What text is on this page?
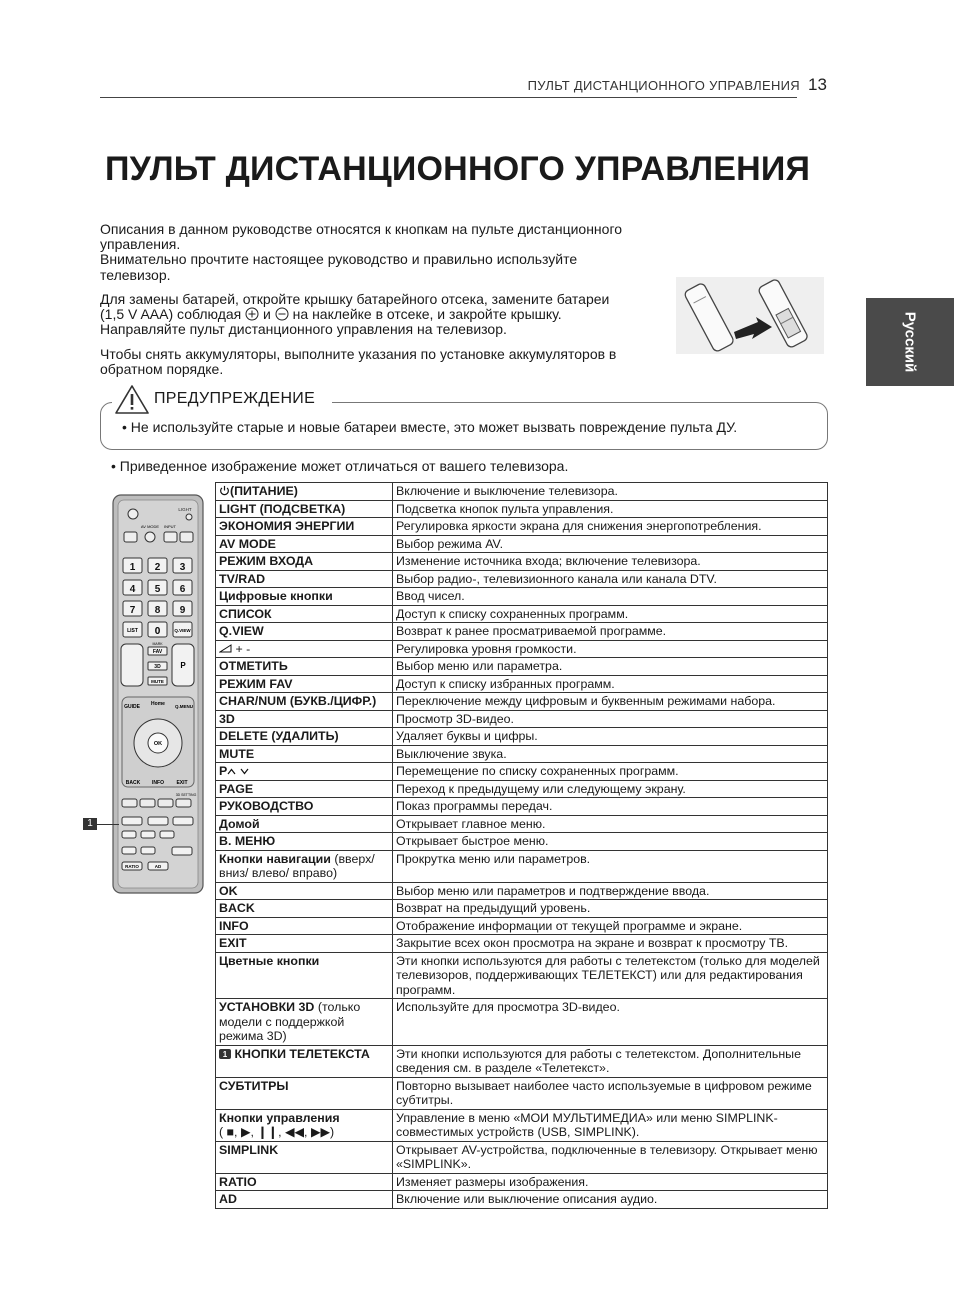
ПУЛЬТ ДИСТАНЦИОННОГО УПРАВЛЕНИЯ 13
Русский
ПУЛЬТ ДИСТАНЦИОННОГО УПРАВЛЕНИЯ
Описания в данном руководстве относятся к кнопкам на пульте дистанционного
управления.
Внимательно прочтите настоящее руководство и правильно используйте
телевизор.
Для замены батарей, откройте крышку батарейного отсека, замените батареи
(1,5 V AAA) соблюдая  и  на наклейке в отсеке, и закройте крышку.
Направляйте пульт дистанционного управления на телевизор.
Чтобы снять аккумуляторы, выполните указания по установке аккумуляторов в
обратном порядке.
ПРЕДУПРЕЖДЕНИЕ
• Не используйте старые и новые батареи вместе, это может вызвать повреждение пульта ДУ.
• Приведенное изображение может отличаться от вашего телевизора.
LIGHT
AV MODE INPUT
1 2 3
4 5 6
7 8 9
LIST 0	Q.VIEW
P
MARK
FAV
3D
MUTE
GUIDE Home Q.MENU
OK
BACK INFO EXIT
3D SETTING
RATIO	AD
1
(ПИТАНИЕ)	Включение и выключение телевизора.
LIGHT (ПОДСВЕТКА)	Подсветка кнопок пульта управления.
ЭКОНОМИЯ ЭНЕРГИИ	Регулировка яркости экрана для снижения энергопотребления.
AV MODE	Выбор режима AV.
РЕЖИМ ВХОДА	Изменение источника входа; включение телевизора.
TV/RAD	Выбор радио-, телевизионного канала или канала DTV.
Цифровые кнопки	Ввод чисел.
СПИСОК	Доступ к списку сохраненных программ.
Q.VIEW	Возврат к ранее просматриваемой программе.
+ -	Регулировка уровня громкости.
ОТМЕТИТЬ	Выбор меню или параметра.
РЕЖИМ FAV	Доступ к списку избранных программ.
CHAR/NUM (БУКВ./ЦИФР.)	Переключение между цифровым и буквенным режимами набора.
3D	Просмотр 3D-видео.
DELETE (УДАЛИТЬ)	Удаляет буквы и цифры.
MUTE	Выключение звука.
P	Перемещение по списку сохраненных программ.
PAGE	Переход к предыдущему или следующему экрану.
РУКОВОДСТВО	Показ программы передач.
Домой	Открывает главное меню.
B. МЕНЮ	Открывает быстрое меню.
Кнопки навигации (вверх/ вниз/ влево/ вправо)	Прокрутка меню или параметров.
OK	Выбор меню или параметров и подтверждение ввода.
BACK	Возврат на предыдущий уровень.
INFO	Отображение информации от текущей программе и экране.
EXIT	Закрытие всех окон просмотра на экране и возврат к просмотру ТВ.
Цветные кнопки	Эти кнопки используются для работы с телетекстом (только для моделей телевизоров, поддерживающих ТЕЛЕТЕКСТ) или для редактирования программ.
УСТАНОВКИ 3D (только модели с поддержкой режима 3D)	Используйте для просмотра 3D-видео.

1 КНОПКИ ТЕЛЕТЕКСТА	Эти кнопки используются для работы с телетекстом. Дополнительные сведения см. в разделе «Телетекст».
СУБТИТРЫ	Повторно вызывает наиболее часто используемые в цифровом режиме субтитры.
Кнопки управления
( ■, ▶, ❙❙, ◀◀, ▶▶)	Управление в меню «МОИ МУЛЬТИМЕДИА» или меню SIMPLINK-совместимых устройств (USB, SIMPLINK).
SIMPLINK	Открывает AV-устройства, подключенные в телевизору. Открывает меню «SIMPLINK».
RATIO	Изменяет размеры изображения.
AD	Включение или выключение описания аудио.
